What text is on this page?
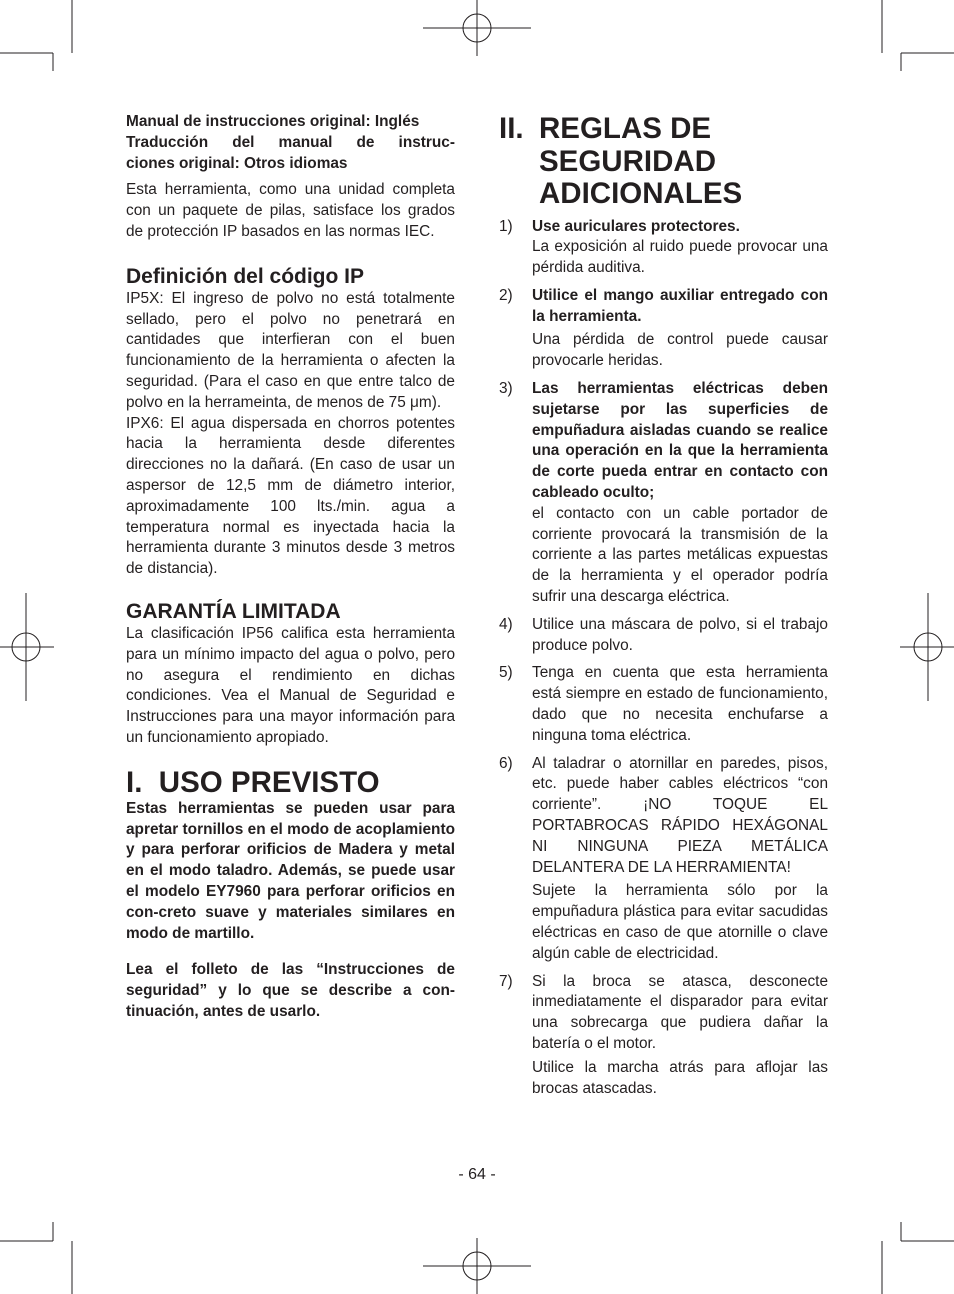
Manual de instrucciones original: Inglés

Traducción del manual de instruc-

ciones original: Otros idiomas

Esta herramienta, como una unidad completa con un paquete de pilas, satisface los grados de protección IP basados en las normas IEC.

Definición del código IP

IP5X: El ingreso de polvo no está totalmente sellado, pero el polvo no penetrará en cantidades que interfieran con el buen funcionamiento de la herramienta o afecten la seguridad. (Para el caso en que entre talco de polvo en la herrameinta, de menos de 75 μm).

IPX6: El agua dispersada en chorros potentes hacia la herramienta desde diferentes direcciones no la dañará. (En caso de usar un aspersor de 12,5 mm de diámetro interior, aproximadamente 100 lts./min. agua a temperatura normal es inyectada hacia la herramienta durante 3 minutos desde 3 metros de distancia).

GARANTÍA LIMITADA

La clasificación IP56 califica esta herramienta para un mínimo impacto del agua o polvo, pero no asegura el rendimiento en dichas condiciones. Vea el Manual de Seguridad e Instrucciones para una mayor información para un funcionamiento apropiado.

I.  USO PREVISTO

Estas herramientas se pueden usar para apretar tornillos en el modo de acoplamiento y para perforar orificios de Madera y metal en el modo taladro. Además, se puede usar el modelo EY7960 para perforar orificios en con-creto suave y materiales similares en modo de martillo.

Lea el folleto de las “Instrucciones de seguridad” y lo que se describe a con-tinuación, antes de usarlo.

II. REGLAS DE
SEGURIDAD
ADICIONALES
1)	Use auriculares protectores.

La exposición al ruido puede provocar una pérdida auditiva.

2)	Utilice el mango auxiliar entregado con la herramienta.

Una pérdida de control puede causar provocarle heridas.

3)	Las herramientas eléctricas deben sujetarse por las superficies de empuñadura aisladas cuando se realice una operación en la que la herramienta de corte pueda entrar en contacto con cableado oculto;

el contacto con un cable portador de corriente provocará la transmisión de la corriente a las partes metálicas expuestas de la herramienta y el operador podría sufrir una descarga eléctrica.

4)	Utilice una máscara de polvo, si el trabajo produce polvo.

5)	Tenga en cuenta que esta herramienta está siempre en estado de funcionamiento, dado que no necesita enchufarse a ninguna toma eléctrica.

6)	Al taladrar o atornillar en paredes, pisos, etc. puede haber cables eléctricos “con corriente”. ¡NO TOQUE EL PORTABROCAS RÁPIDO HEXÁGONAL NI NINGUNA PIEZA METÁLICA DELANTERA DE LA HERRAMIENTA!

Sujete la herramienta sólo por la empuñadura plástica para evitar sacudidas eléctricas en caso de que atornille o clave algún cable de electricidad.

7)	Si la broca se atasca, desconecte inmediatamente el disparador para evitar una sobrecarga que pudiera dañar la batería o el motor.

Utilice la marcha atrás para aflojar las brocas atascadas.

- 64 -
